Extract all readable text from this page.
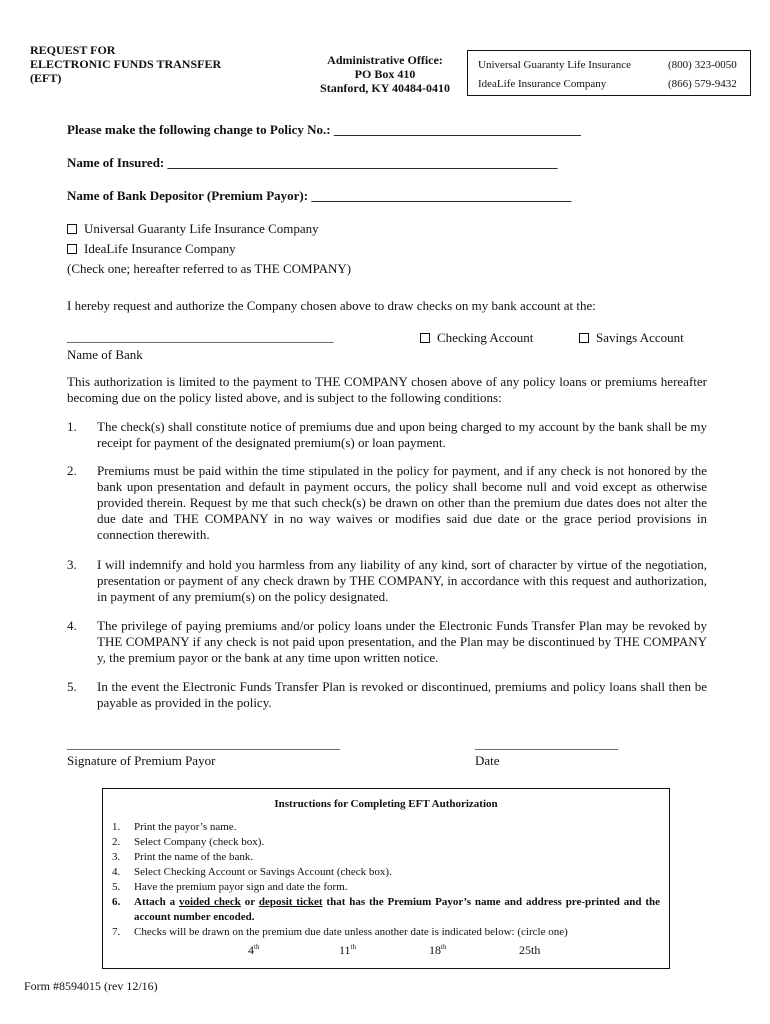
REQUEST FOR
ELECTRONIC FUNDS TRANSFER
(EFT)
Administrative Office:
PO Box 410
Stanford, KY 40484-0410
Universal Guaranty Life Insurance	(800) 323-0050
IdeaLife Insurance Company	(866) 579-9432
Please make the following change to Policy No.: ______________________________________
Name of Insured: ____________________________________________________________
Name of Bank Depositor (Premium Payor): ________________________________________
Universal Guaranty Life Insurance Company
IdeaLife Insurance Company
(Check one; hereafter referred to as THE COMPANY)
I hereby request and authorize the Company chosen above to draw checks on my bank account at the:
_________________________________________
Name of Bank
Checking Account	Savings Account
This authorization is limited to the payment to THE COMPANY chosen above of any policy loans or premiums hereafter becoming due on the policy listed above, and is subject to the following conditions:
1. The check(s) shall constitute notice of premiums due and upon being charged to my account by the bank shall be my receipt for payment of the designated premium(s) or loan payment.
2. Premiums must be paid within the time stipulated in the policy for payment, and if any check is not honored by the bank upon presentation and default in payment occurs, the policy shall become null and void except as otherwise provided therein. Request by me that such check(s) be drawn on other than the premium due dates does not alter the due date and THE COMPANY in no way waives or modifies said due date or the grace period provisions in connection therewith.
3. I will indemnify and hold you harmless from any liability of any kind, sort of character by virtue of the negotiation, presentation or payment of any check drawn by THE COMPANY, in accordance with this request and authorization, in payment of any premium(s) on the policy designated.
4. The privilege of paying premiums and/or policy loans under the Electronic Funds Transfer Plan may be revoked by THE COMPANY if any check is not paid upon presentation, and the Plan may be discontinued by THE COMPANY y, the premium payor or the bank at any time upon written notice.
5. In the event the Electronic Funds Transfer Plan is revoked or discontinued, premiums and policy loans shall then be payable as provided in the policy.
__________________________________________
Signature of Premium Payor
______________________
Date
Instructions for Completing EFT Authorization
1. Print the payor’s name.
2. Select Company (check box).
3. Print the name of the bank.
4. Select Checking Account or Savings Account (check box).
5. Have the premium payor sign and date the form.
6. Attach a voided check or deposit ticket that has the Premium Payor’s name and address pre-printed and the account number encoded.
7. Checks will be drawn on the premium due date unless another date is indicated below: (circle one)
4th	11th	18th	25th
Form #8594015 (rev 12/16)
